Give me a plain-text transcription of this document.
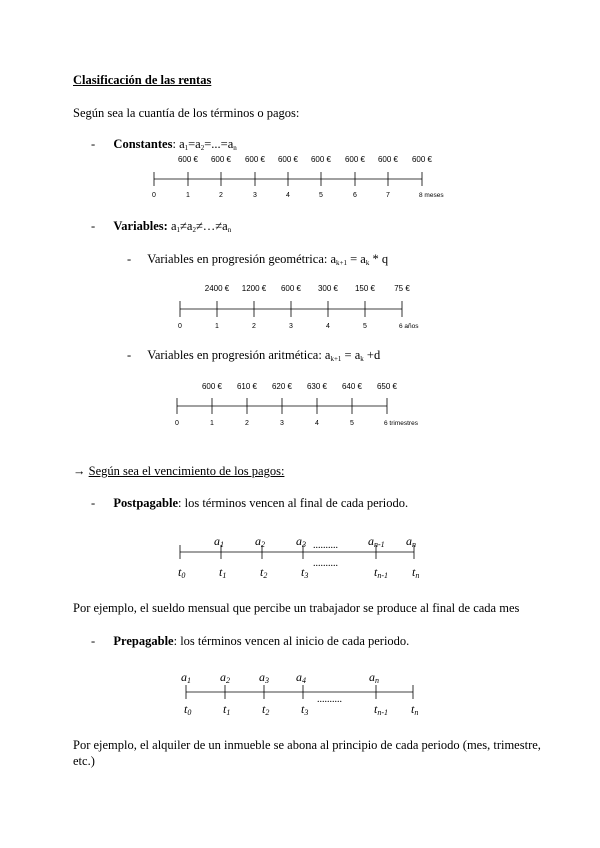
Clasificación de las rentas
Según sea la cuantía de los términos o pagos:
- Constantes: $a_1=a_2=...=a_n$
0	1	2	3	4	5	6	7	8 meses
600 € 600 € 600 € 600 € 600 € 600 € 600 € 600 €
- Variables: $a_1\ne a_2\ne\dots\ne a_n$
- Variables en progresión geométrica: $a_{k+1} = a_k * q$
0	1	2	3	4	5	6 años
2400 € 1200 € 600 € 300 € 150 € 75 €
- Variables en progresión aritmética: $a_{k+1} = a_k +d$
0	1	2	3	4	5	6 trimestres
600 € 610 € 620 € 630 € 640 € 650 €
→ Según sea el vencimiento de los pagos:
- Postpagable: los términos vencen al final de cada periodo.
a1	a2	a3	an-1 an
t0	t1	t2	t3	tn-1 tn
..........
..........
Por ejemplo, el sueldo mensual que percibe un trabajador se produce al final de cada mes
- Prepagable: los términos vencen al inicio de cada periodo.
a1 a2 a3 a4	an
t0	t1	t2	t3	tn-1 tn
..........
Por ejemplo, el alquiler de un inmueble se abona al principio de cada periodo (mes, trimestre,
etc.)
